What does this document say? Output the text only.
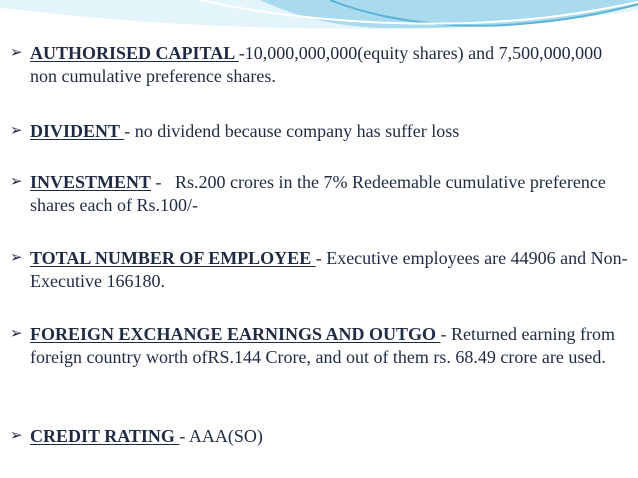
➢ AUTHORISED CAPITAL -10,000,000,000(equity shares) and 7,500,000,000 non cumulative preference shares.
➢ DIVIDENT - no dividend because company has suffer loss
➢ INVESTMENT -   Rs.200 crores in the 7% Redeemable cumulative preference shares each of Rs.100/-
➢ TOTAL NUMBER OF EMPLOYEE - Executive employees are 44906 and Non-Executive 166180.
➢ FOREIGN EXCHANGE EARNINGS AND OUTGO - Returned earning from foreign country worth ofRS.144 Crore, and out of them rs. 68.49 crore are used.
➢ CREDIT RATING - AAA(SO)
